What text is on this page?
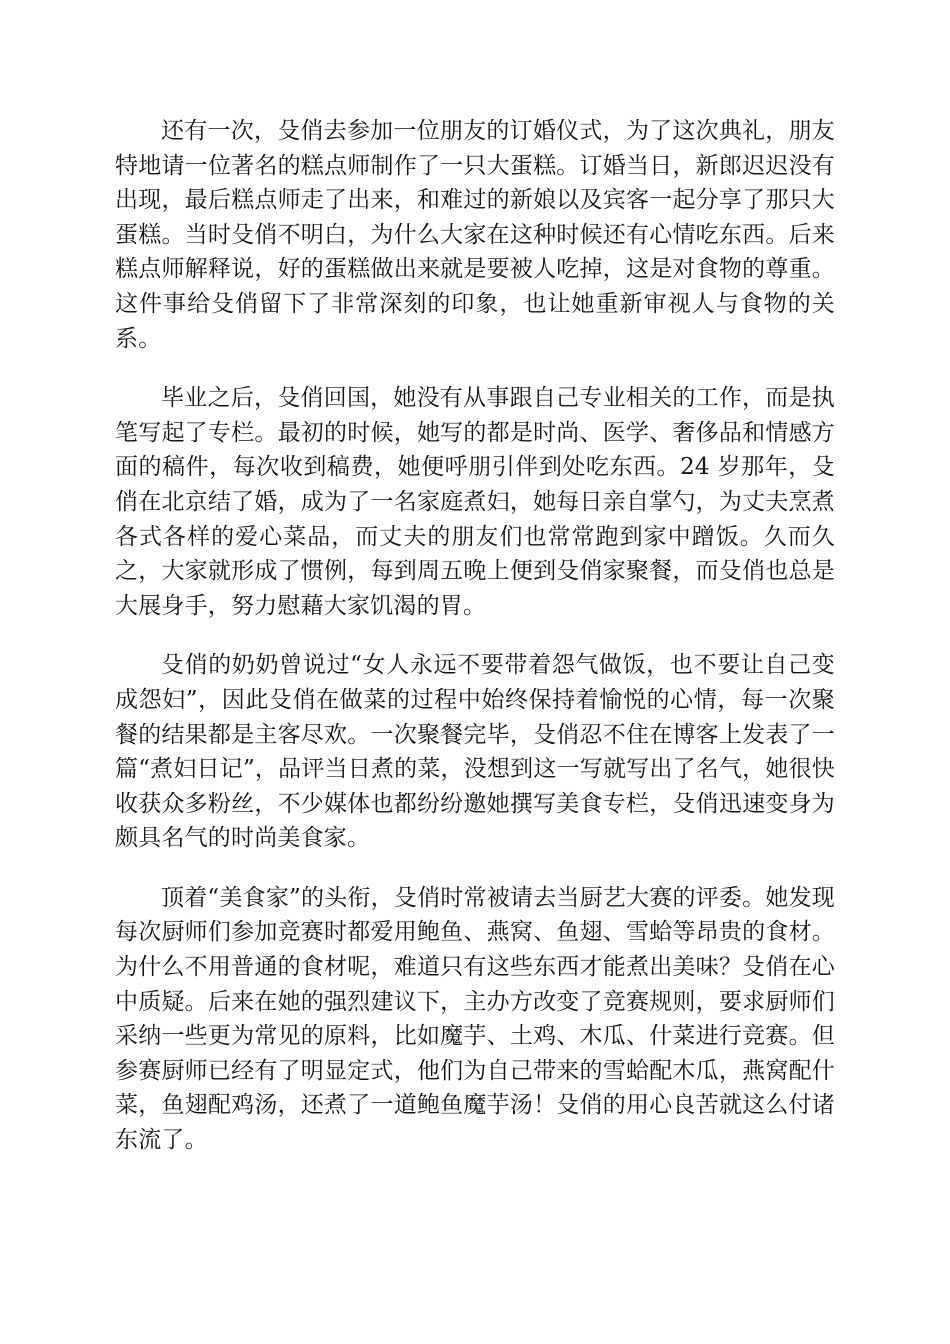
还有一次，殳俏去参加一位朋友的订婚仪式，为了这次典礼，朋友特地请一位著名的糕点师制作了一只大蛋糕。订婚当日，新郎迟迟没有出现，最后糕点师走了出来，和难过的新娘以及宾客一起分享了那只大蛋糕。当时殳俏不明白，为什么大家在这种时候还有心情吃东西。后来糕点师解释说，好的蛋糕做出来就是要被人吃掉，这是对食物的尊重。这件事给殳俏留下了非常深刻的印象，也让她重新审视人与食物的关系。

毕业之后，殳俏回国，她没有从事跟自己专业相关的工作，而是执笔写起了专栏。最初的时候，她写的都是时尚、医学、奢侈品和情感方面的稿件，每次收到稿费，她便呼朋引伴到处吃东西。24 岁那年，殳俏在北京结了婚，成为了一名家庭煮妇，她每日亲自掌勺，为丈夫烹煮各式各样的爱心菜品，而丈夫的朋友们也常常跑到家中蹭饭。久而久之，大家就形成了惯例，每到周五晚上便到殳俏家聚餐，而殳俏也总是大展身手，努力慰藉大家饥渴的胃。

殳俏的奶奶曾说过“女人永远不要带着怨气做饭，也不要让自己变成怨妇”，因此殳俏在做菜的过程中始终保持着愉悦的心情，每一次聚餐的结果都是主客尽欢。一次聚餐完毕，殳俏忍不住在博客上发表了一篇“煮妇日记”，品评当日煮的菜，没想到这一写就写出了名气，她很快收获众多粉丝，不少媒体也都纷纷邀她撰写美食专栏，殳俏迅速变身为颇具名气的时尚美食家。

顶着“美食家”的头衔，殳俏时常被请去当厨艺大赛的评委。她发现每次厨师们参加竞赛时都爱用鲍鱼、燕窝、鱼翅、雪蛤等昂贵的食材。为什么不用普通的食材呢，难道只有这些东西才能煮出美味？殳俏在心中质疑。后来在她的强烈建议下，主办方改变了竞赛规则，要求厨师们采纳一些更为常见的原料，比如魔芋、土鸡、木瓜、什菜进行竞赛。但参赛厨师已经有了明显定式，他们为自己带来的雪蛤配木瓜，燕窝配什菜，鱼翅配鸡汤，还煮了一道鲍鱼魔芋汤！殳俏的用心良苦就这么付诸东流了。
